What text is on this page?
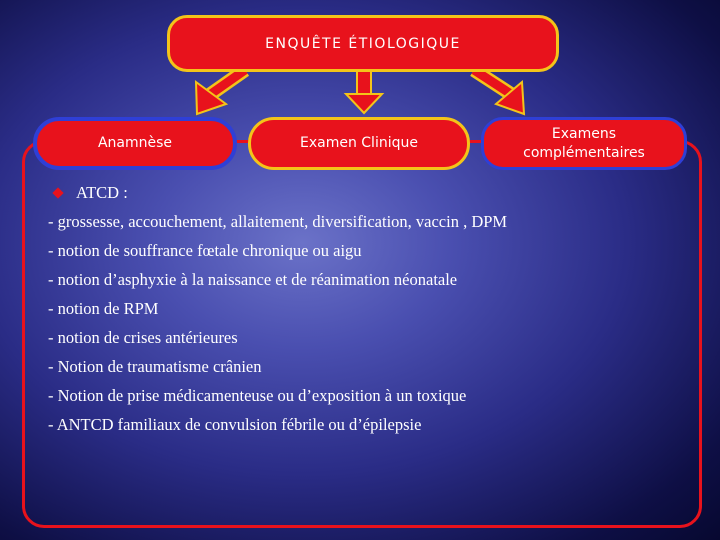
ENQUÊTE ÉTIOLOGIQUE
Anamnèse	Examen Clinique
Examens complémentaires
ATCD :
- grossesse, accouchement, allaitement, diversification, vaccin , DPM
- notion de souffrance fœtale chronique ou aigu
- notion d’asphyxie à la naissance et de réanimation néonatale
- notion de RPM
- notion de crises antérieures
- Notion de traumatisme crânien
- Notion de prise médicamenteuse ou d’exposition à un toxique
- ANTCD familiaux de convulsion fébrile ou d’épilepsie
